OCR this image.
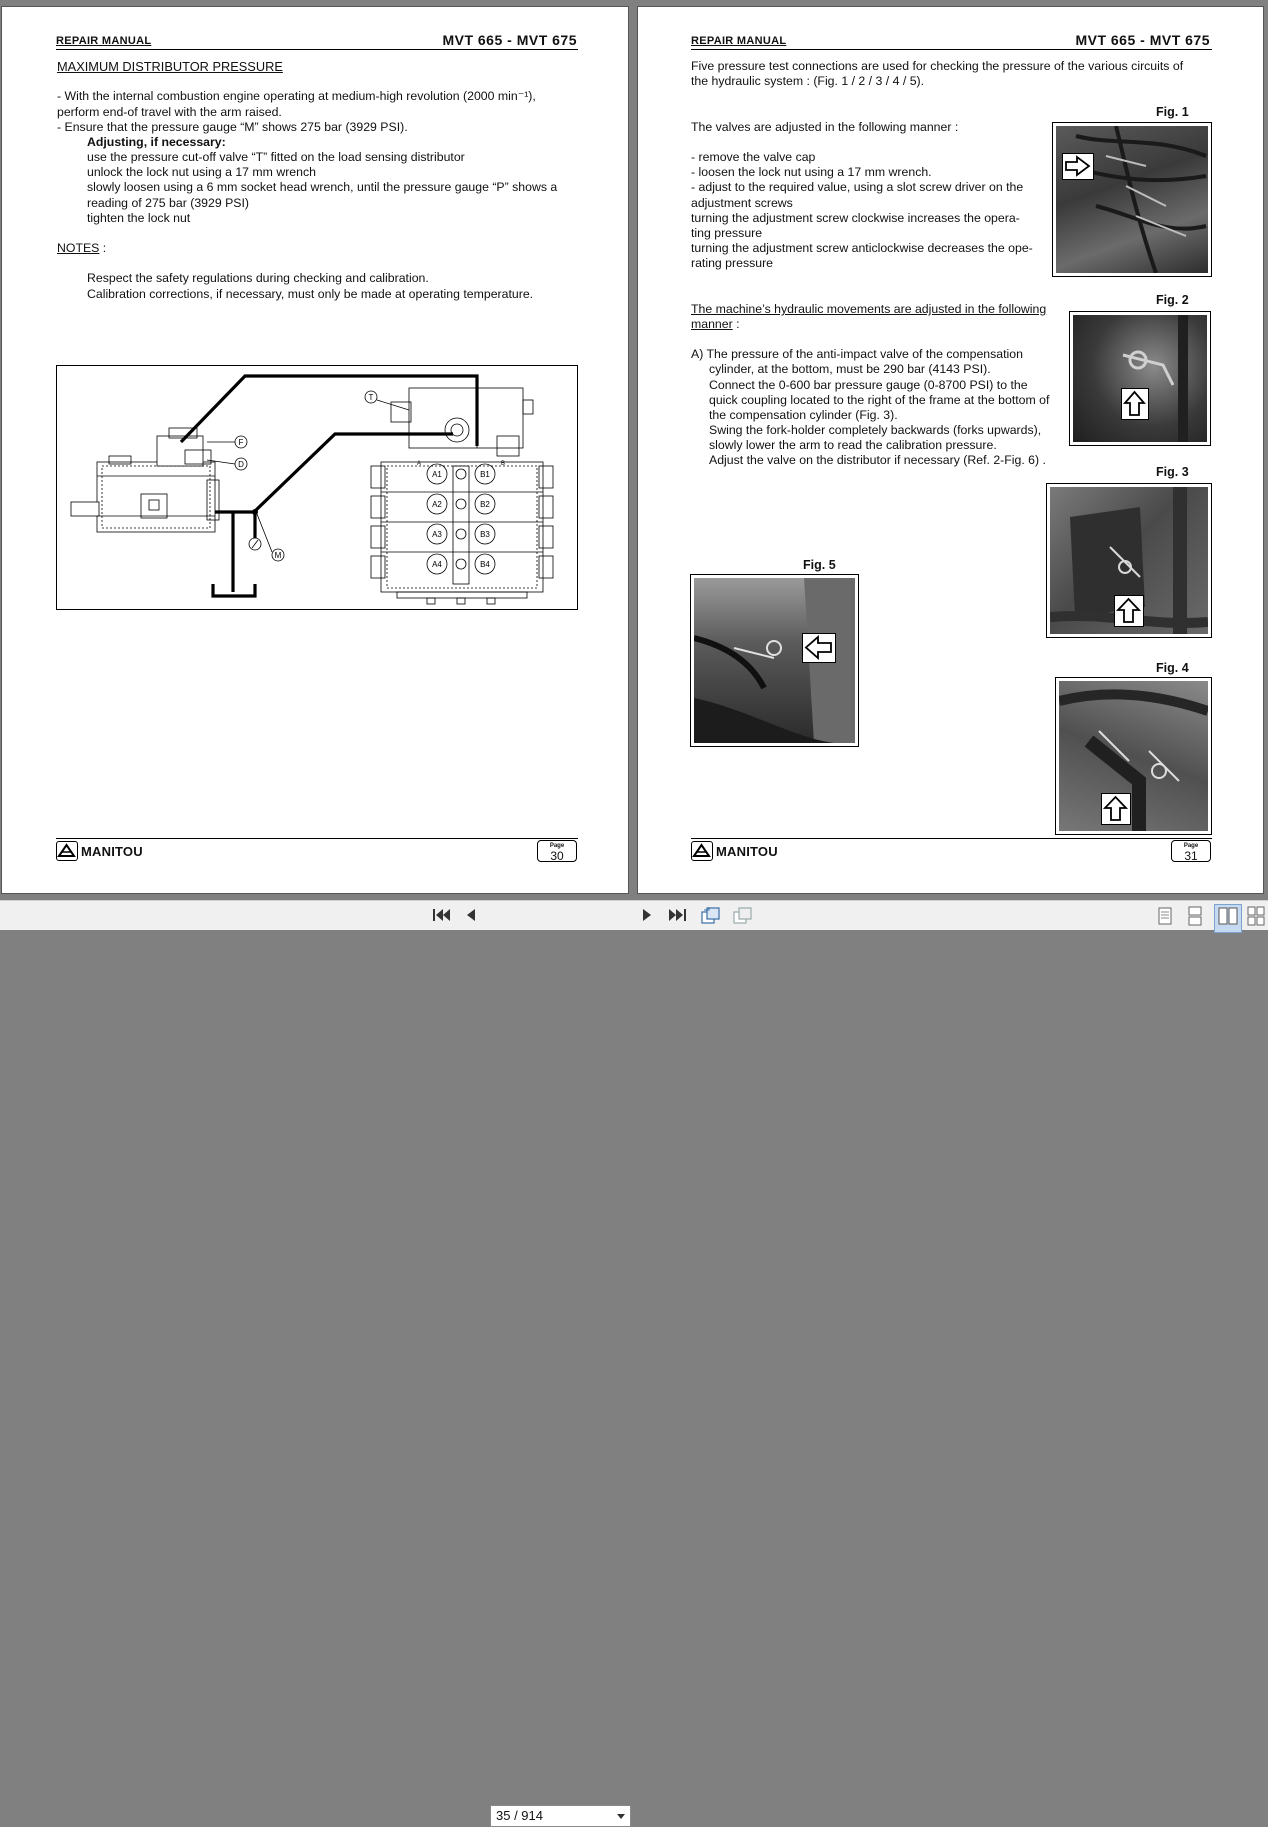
REPAIR MANUAL	MVT 665 - MVT 675
MAXIMUM DISTRIBUTOR PRESSURE
- With the internal combustion engine operating at medium-high revolution (2000 min⁻¹),
perform end-of travel with the arm raised.
- Ensure that the pressure gauge “M” shows 275 bar (3929 PSI).
Adjusting, if necessary:
use the pressure cut-off valve “T” fitted on the load sensing distributor
unlock the lock nut using a 17 mm wrench
slowly loosen using a 6 mm socket head wrench, until the pressure gauge “P” shows a
reading of 275 bar (3929 PSI)
tighten the lock nut
NOTES :
Respect the safety regulations during checking and calibration.
Calibration corrections, if necessary, must only be made at operating temperature.
T
F
D
M
A1
A2
A3
A4
B1
B2
B3
B4
A	B
MANITOU	Page
30
REPAIR MANUAL	MVT 665 - MVT 675
Five pressure test connections are used for checking the pressure of the various circuits of
the hydraulic system : (Fig. 1 / 2 / 3 / 4 / 5).
Fig. 1
The valves are adjusted in the following manner :
- remove the valve cap
- loosen the lock nut using a 17 mm wrench.
- adjust to the required value, using a slot screw driver on the
adjustment screws
turning the adjustment screw clockwise increases the opera-
ting pressure
turning the adjustment screw anticlockwise decreases the ope-
rating pressure
Fig. 2
The machine’s hydraulic movements are adjusted in the following
manner :
A) The pressure of the anti-impact valve of the compensation
cylinder, at the bottom, must be 290 bar (4143 PSI).
Connect the 0-600 bar pressure gauge (0-8700 PSI) to the
quick coupling located to the right of the frame at the bottom of
the compensation cylinder (Fig. 3).
Swing the fork-holder completely backwards (forks upwards),
slowly lower the arm to read the calibration pressure.
Adjust the valve on the distributor if necessary (Ref. 2-Fig. 6) .
Fig. 3
Fig. 5
Fig. 4
MANITOU	Page
31
35 / 914
